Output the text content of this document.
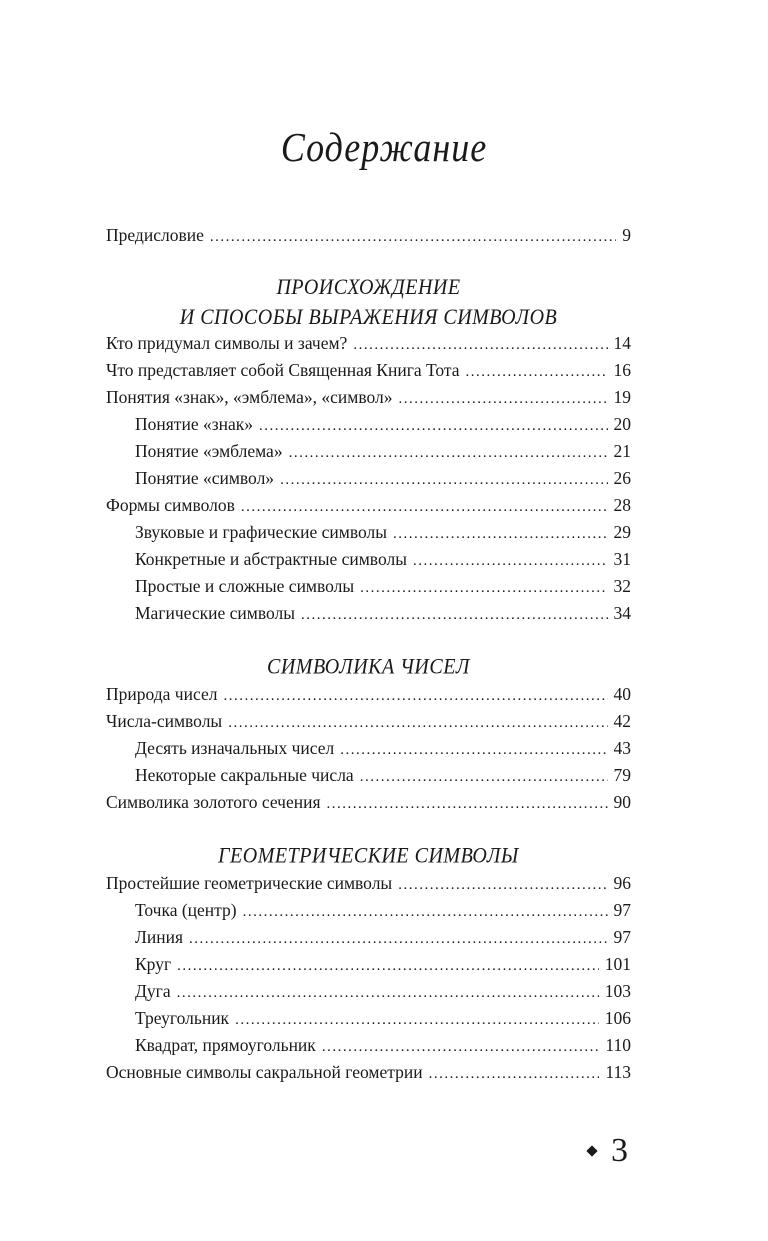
Содержание
Предисловие .....	9
ПРОИСХОЖДЕНИЕ
И СПОСОБЫ ВЫРАЖЕНИЯ СИМВОЛОВ
Кто придумал символы и зачем? .....	14
Что представляет собой Священная Книга Тота .....	16
Понятия «знак», «эмблема», «символ» .....	19
Понятие «знак» .....	20
Понятие «эмблема» .....	21
Понятие «символ» .....	26
Формы символов .....	28
Звуковые и графические символы .....	29
Конкретные и абстрактные символы .....	31
Простые и сложные символы .....	32
Магические символы .....	34
СИМВОЛИКА ЧИСЕЛ
Природа чисел .....	40
Числа-символы .....	42
Десять изначальных чисел .....	43
Некоторые сакральные числа .....	79
Символика золотого сечения .....	90
ГЕОМЕТРИЧЕСКИЕ СИМВОЛЫ
Простейшие геометрические символы .....	96
Точка (центр) .....	97
Линия .....	97
Круг .....	101
Дуга .....	103
Треугольник .....	106
Квадрат, прямоугольник .....	110
Основные символы сакральной геометрии .....	113
3
